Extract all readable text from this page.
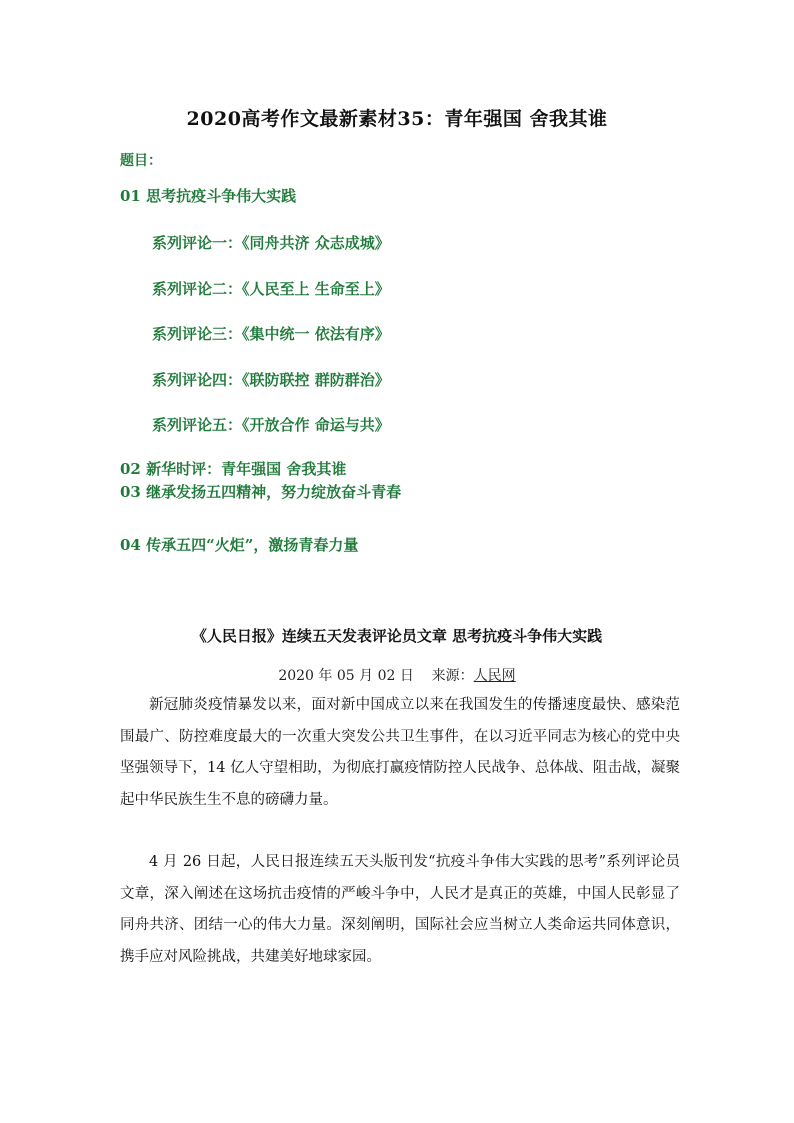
2020高考作文最新素材35：青年强国 舍我其谁
题目：
01 思考抗疫斗争伟大实践
系列评论一：《同舟共济 众志成城》
系列评论二：《人民至上 生命至上》
系列评论三：《集中统一 依法有序》
系列评论四：《联防联控 群防群治》
系列评论五：《开放合作 命运与共》
02 新华时评：青年强国 舍我其谁
03 继承发扬五四精神，努力绽放奋斗青春
04 传承五四“火炬”，激扬青春力量
《人民日报》连续五天发表评论员文章 思考抗疫斗争伟大实践
2020 年 05 月 02 日 来源：人民网
新冠肺炎疫情暴发以来，面对新中国成立以来在我国发生的传播速度最快、感染范围最广、防控难度最大的一次重大突发公共卫生事件，在以习近平同志为核心的党中央坚强领导下，14 亿人守望相助，为彻底打赢疫情防控人民战争、总体战、阻击战，凝聚起中华民族生生不息的磅礴力量。
4 月 26 日起，人民日报连续五天头版刊发“抗疫斗争伟大实践的思考”系列评论员文章，深入阐述在这场抗击疫情的严峻斗争中，人民才是真正的英雄，中国人民彰显了同舟共济、团结一心的伟大力量。深刻阐明，国际社会应当树立人类命运共同体意识，携手应对风险挑战，共建美好地球家园。
